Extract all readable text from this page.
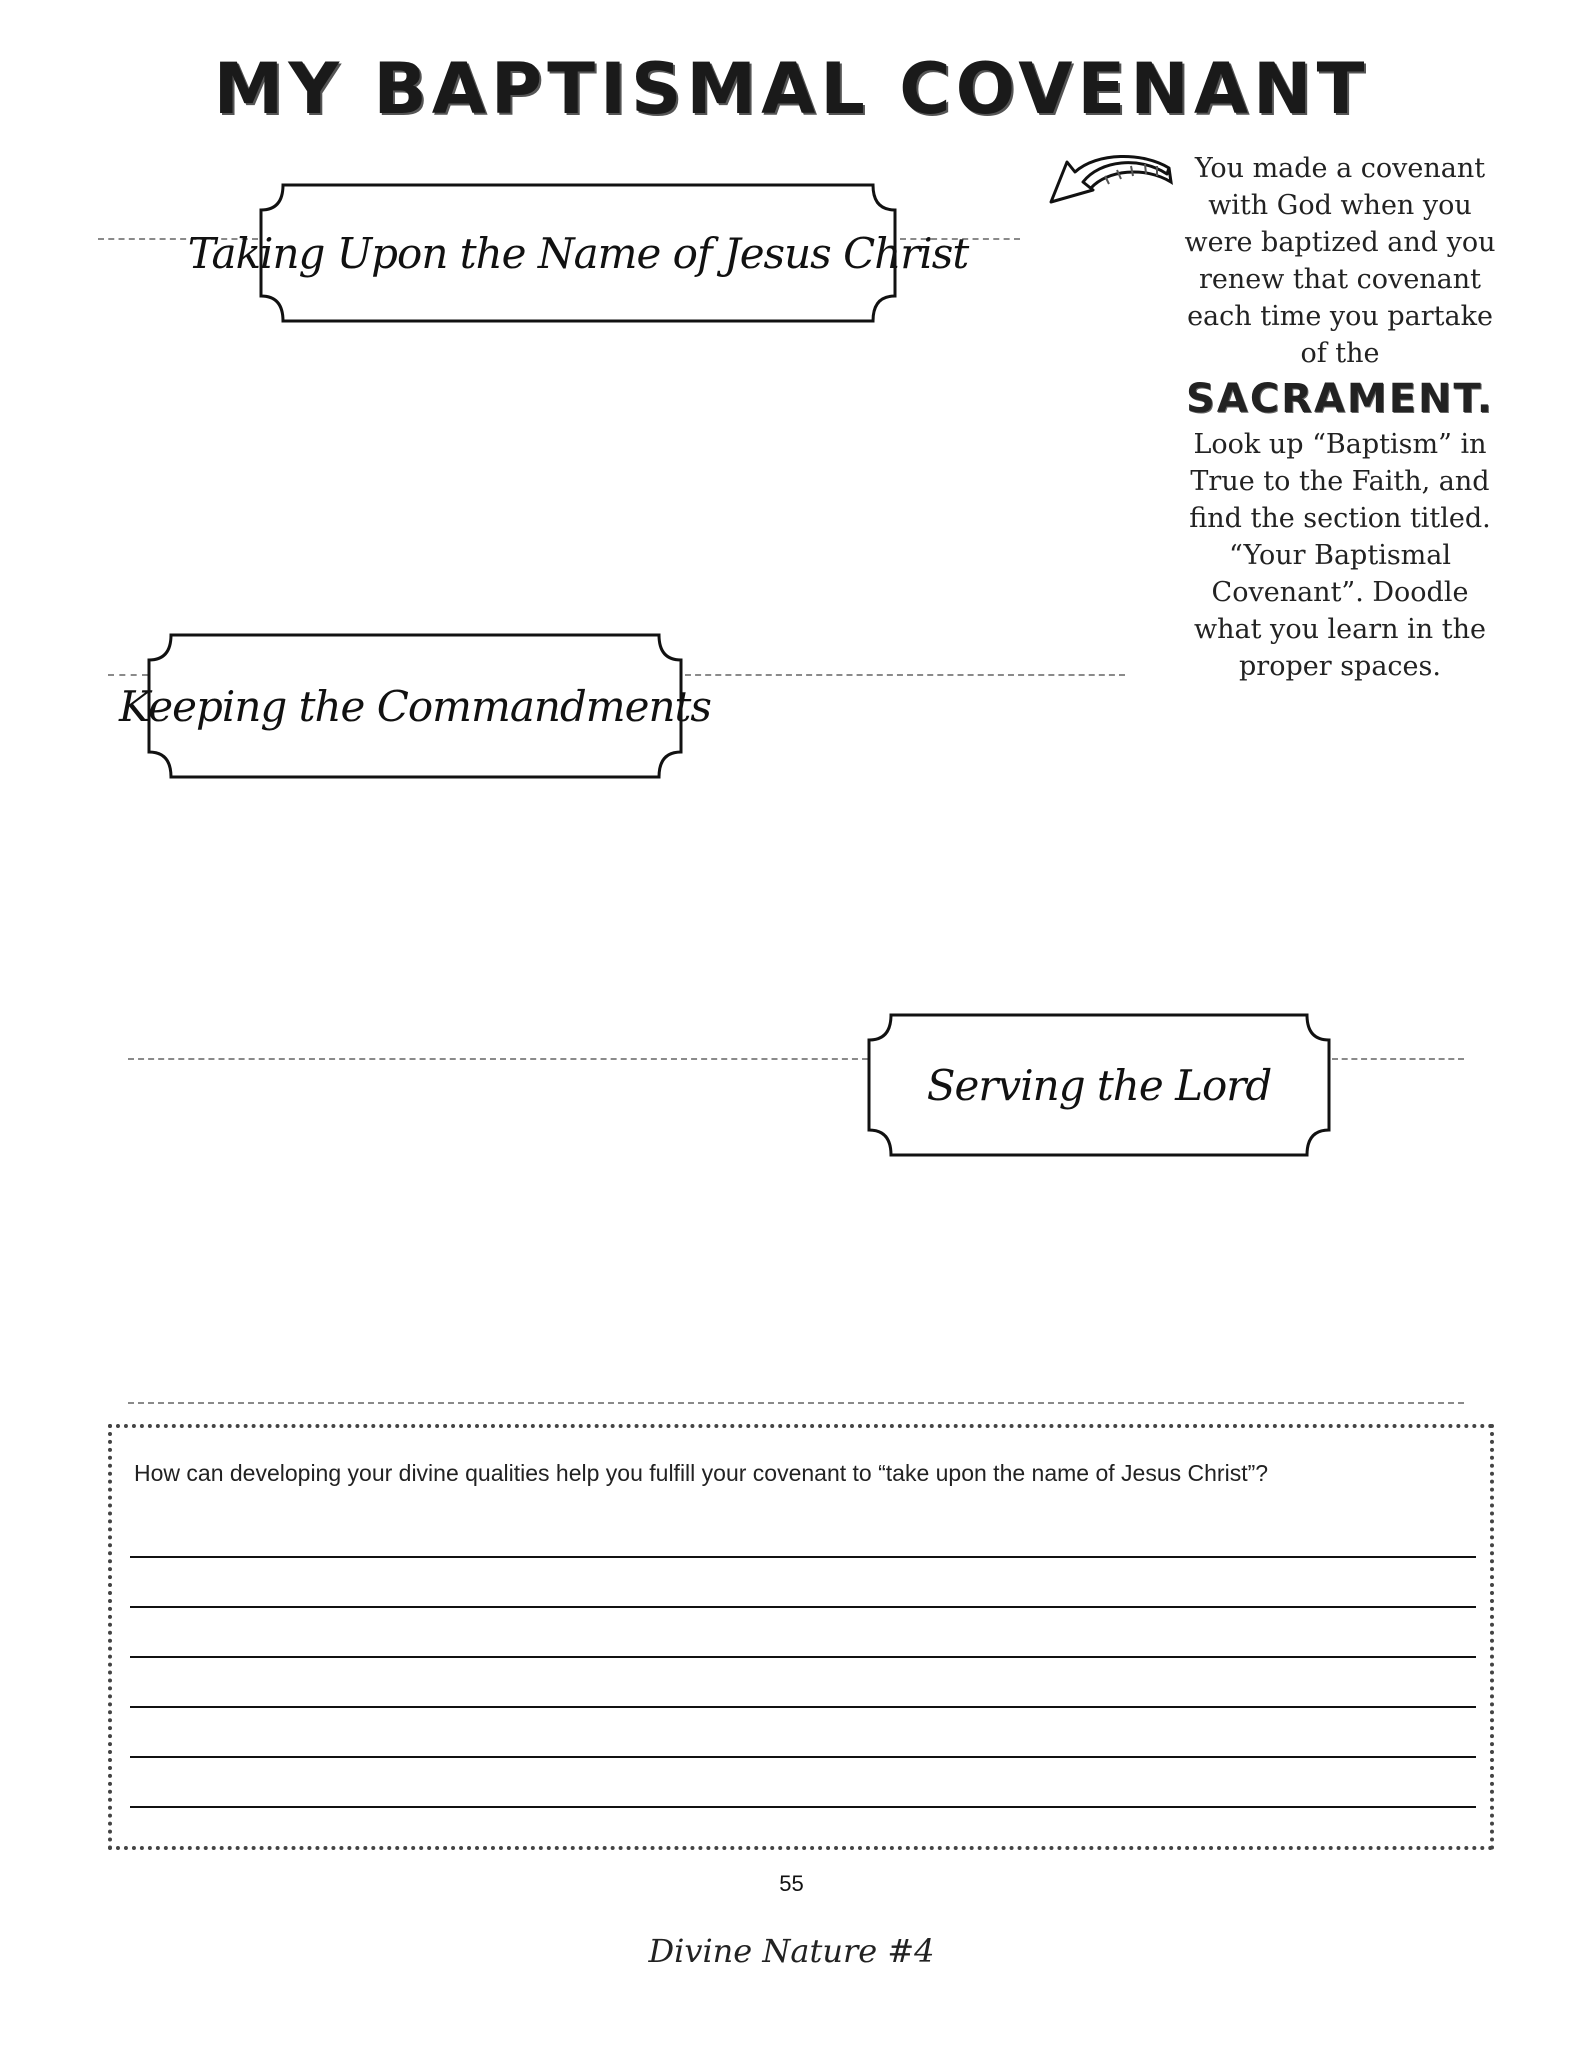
MY BAPTISMAL COVENANT
Taking Upon the Name of Jesus Christ
Keeping the Commandments
Serving the Lord
You made a covenant with God when you were baptized and you renew that covenant each time you partake of the
SACRAMENT.
Look up “Baptism” in True to the Faith, and find the section titled. “Your Baptismal Covenant”. Doodle what you learn in the proper spaces.
How can developing your divine qualities help you fulfill your covenant to “take upon the name of Jesus Christ”?
55
Divine Nature #4
